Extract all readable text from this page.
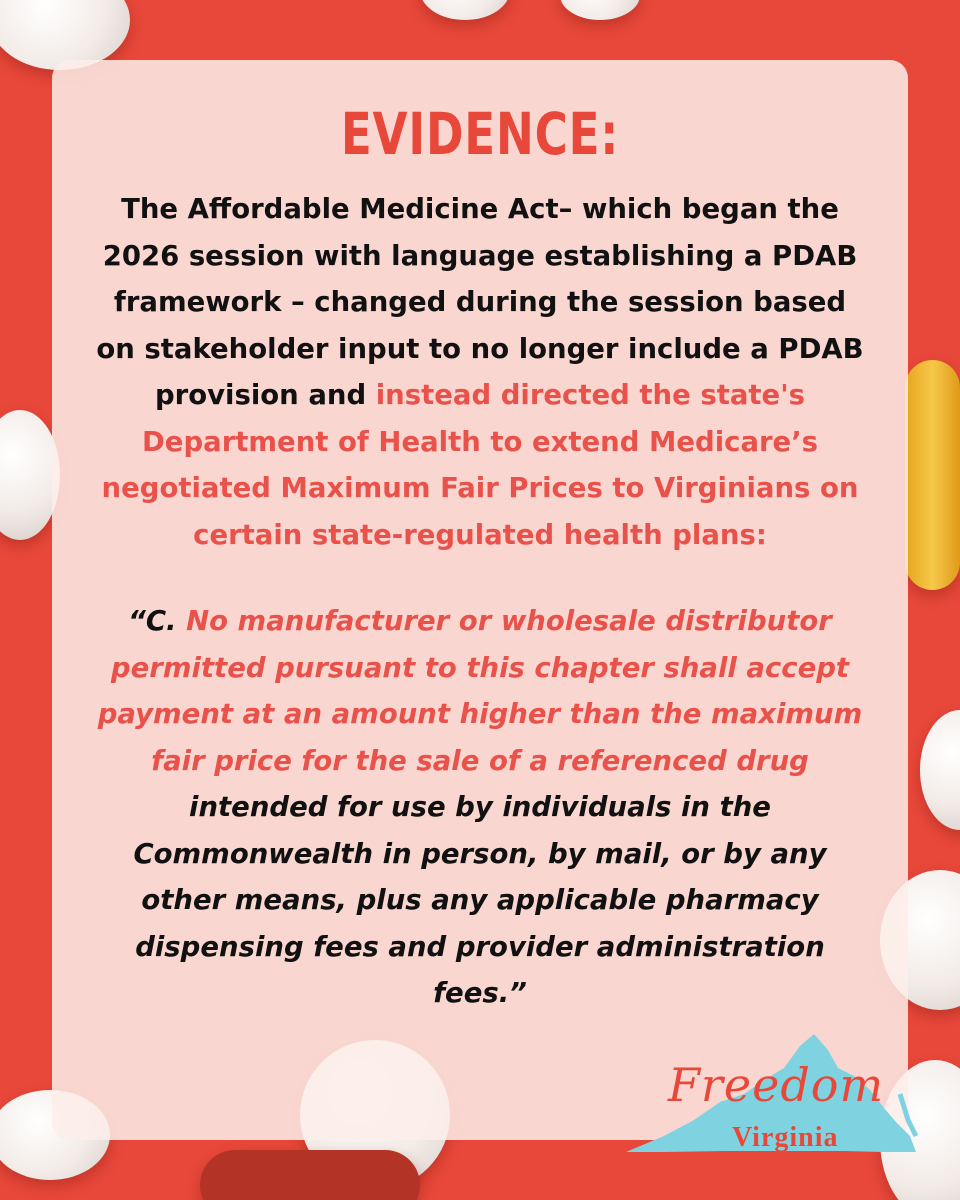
EVIDENCE:
The Affordable Medicine Act– which began the 2026 session with language establishing a PDAB framework – changed during the session based on stakeholder input to no longer include a PDAB provision and instead directed the state's Department of Health to extend Medicare’s negotiated Maximum Fair Prices to Virginians on certain state-regulated health plans:
“C. No manufacturer or wholesale distributor permitted pursuant to this chapter shall accept payment at an amount higher than the maximum fair price for the sale of a referenced drug intended for use by individuals in the Commonwealth in person, by mail, or by any other means, plus any applicable pharmacy dispensing fees and provider administration fees.”
Freedom
Virginia
